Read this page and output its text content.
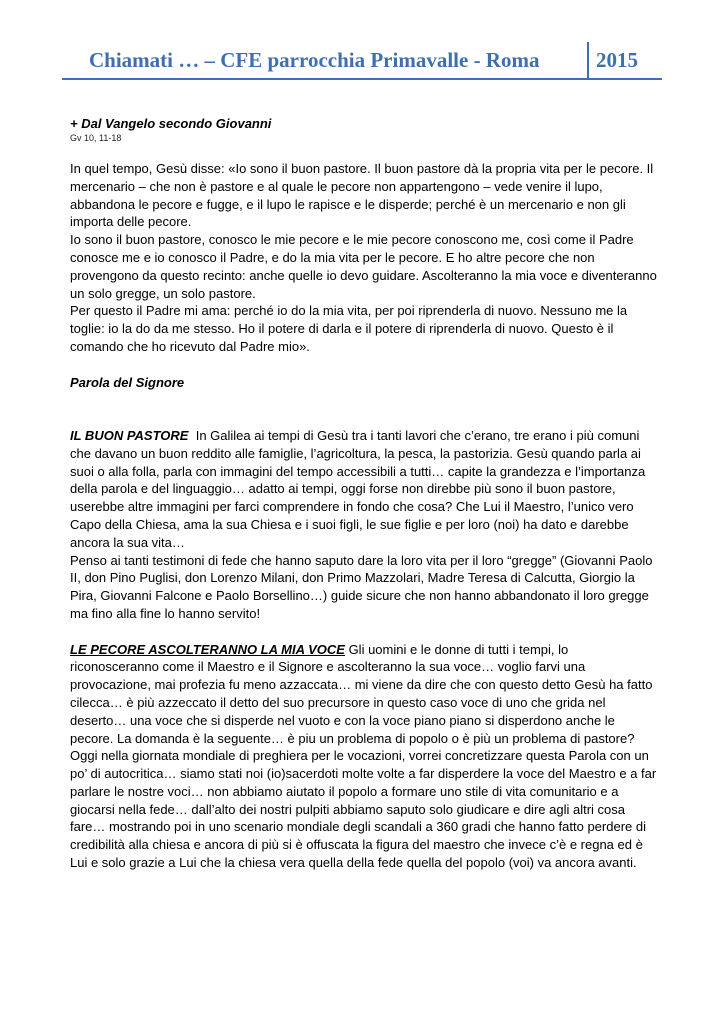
Chiamati … – CFE parrocchia Primavalle - Roma	2015
+ Dal Vangelo secondo Giovanni
Gv 10, 11-18

In quel tempo, Gesù disse: «Io sono il buon pastore. Il buon pastore dà la propria vita per le pecore. Il mercenario – che non è pastore e al quale le pecore non appartengono – vede venire il lupo, abbandona le pecore e fugge, e il lupo le rapisce e le disperde; perché è un mercenario e non gli importa delle pecore.

Io sono il buon pastore, conosco le mie pecore e le mie pecore conoscono me, così come il Padre conosce me e io conosco il Padre, e do la mia vita per le pecore. E ho altre pecore che non provengono da questo recinto: anche quelle io devo guidare. Ascolteranno la mia voce e diventeranno un solo gregge, un solo pastore.

Per questo il Padre mi ama: perché io do la mia vita, per poi riprenderla di nuovo. Nessuno me la toglie: io la do da me stesso. Ho il potere di darla e il potere di riprenderla di nuovo. Questo è il comando che ho ricevuto dal Padre mio».

Parola del Signore

IL BUON PASTORE In Galilea ai tempi di Gesù tra i tanti lavori che c’erano, tre erano i più comuni che davano un buon reddito alle famiglie, l’agricoltura, la pesca, la pastorizia. Gesù quando parla ai suoi o alla folla, parla con immagini del tempo accessibili a tutti… capite la grandezza e l’importanza della parola e del linguaggio… adatto ai tempi, oggi forse non direbbe più sono il buon pastore, userebbe altre immagini per farci comprendere in fondo che cosa? Che Lui il Maestro, l’unico vero Capo della Chiesa, ama la sua Chiesa e i suoi figli, le sue figlie e per loro (noi) ha dato e darebbe ancora la sua vita…

Penso ai tanti testimoni di fede che hanno saputo dare la loro vita per il loro “gregge” (Giovanni Paolo II, don Pino Puglisi, don Lorenzo Milani, don Primo Mazzolari, Madre Teresa di Calcutta, Giorgio la Pira, Giovanni Falcone e Paolo Borsellino…) guide sicure che non hanno abbandonato il loro gregge ma fino alla fine lo hanno servito!

LE PECORE ASCOLTERANNO LA MIA VOCE Gli uomini e le donne di tutti i tempi, lo riconosceranno come il Maestro e il Signore e ascolteranno la sua voce… voglio farvi una provocazione, mai profezia fu meno azzaccata… mi viene da dire che con questo detto Gesù ha fatto cilecca… è più azzeccato il detto del suo precursore in questo caso voce di uno che grida nel deserto… una voce che si disperde nel vuoto e con la voce piano piano si disperdono anche le pecore. La domanda è la seguente… è piu un problema di popolo o è più un problema di pastore?

Oggi nella giornata mondiale di preghiera per le vocazioni, vorrei concretizzare questa Parola con un po’ di autocritica… siamo stati noi (io)sacerdoti molte volte a far disperdere la voce del Maestro e a far parlare le nostre voci… non abbiamo aiutato il popolo a formare uno stile di vita comunitario e a giocarsi nella fede… dall’alto dei nostri pulpiti abbiamo saputo solo giudicare e dire agli altri cosa fare… mostrando poi in uno scenario mondiale degli scandali a 360 gradi che hanno fatto perdere di credibilità alla chiesa e ancora di più si è offuscata la figura del maestro che invece c’è e regna ed è Lui e solo grazie a Lui che la chiesa vera quella della fede quella del popolo (voi) va ancora avanti.
